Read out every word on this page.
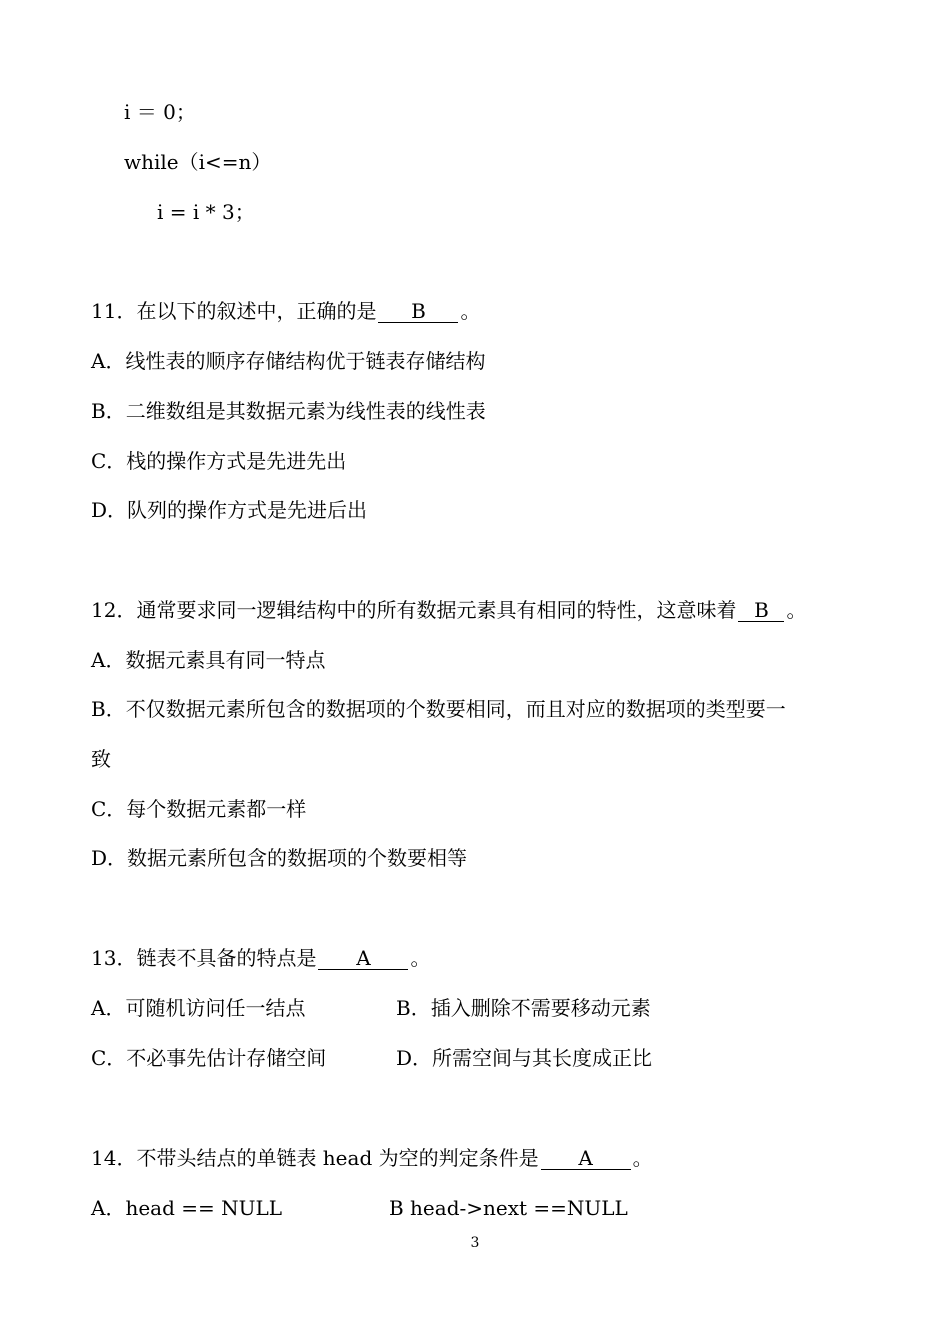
i ＝ 0；
while（i<=n）
i = i * 3；
11．在以下的叙述中，正确的是 B 。
A．线性表的顺序存储结构优于链表存储结构
B．二维数组是其数据元素为线性表的线性表
C．栈的操作方式是先进先出
D．队列的操作方式是先进后出
12．通常要求同一逻辑结构中的所有数据元素具有相同的特性，这意味着 B 。
A．数据元素具有同一特点
B．不仅数据元素所包含的数据项的个数要相同，而且对应的数据项的类型要一
致
C．每个数据元素都一样
D．数据元素所包含的数据项的个数要相等
13．链表不具备的特点是 A 。
A．可随机访问任一结点	B．插入删除不需要移动元素
C．不必事先估计存储空间	D．所需空间与其长度成正比
14．不带头结点的单链表 head 为空的判定条件是 A 。
A．head == NULL	B head->next ==NULL
3
